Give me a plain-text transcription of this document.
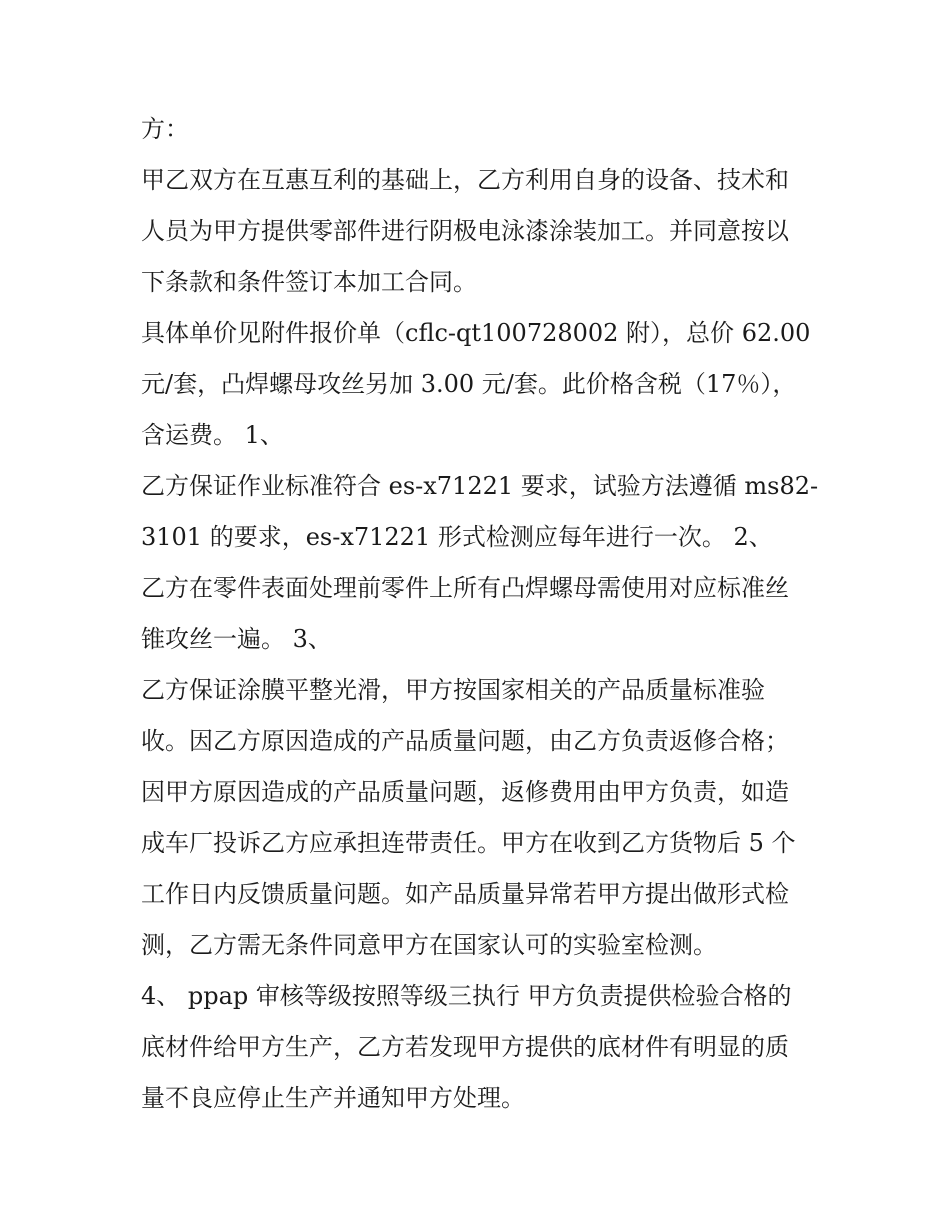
方：
甲乙双方在互惠互利的基础上，乙方利用自身的设备、技术和
人员为甲方提供零部件进行阴极电泳漆涂装加工。并同意按以
下条款和条件签订本加工合同。
具体单价见附件报价单（cflc-qt100728002 附），总价 62.00
元/套，凸焊螺母攻丝另加 3.00 元/套。此价格含税（17％），
含运费。 1、
乙方保证作业标准符合 es-x71221 要求，试验方法遵循 ms82-
3101 的要求，es-x71221 形式检测应每年进行一次。 2、
乙方在零件表面处理前零件上所有凸焊螺母需使用对应标准丝
锥攻丝一遍。 3、
乙方保证涂膜平整光滑，甲方按国家相关的产品质量标准验
收。因乙方原因造成的产品质量问题，由乙方负责返修合格；
因甲方原因造成的产品质量问题，返修费用由甲方负责，如造
成车厂投诉乙方应承担连带责任。甲方在收到乙方货物后 5 个
工作日内反馈质量问题。如产品质量异常若甲方提出做形式检
测，乙方需无条件同意甲方在国家认可的实验室检测。
4、 ppap 审核等级按照等级三执行 甲方负责提供检验合格的
底材件给甲方生产，乙方若发现甲方提供的底材件有明显的质
量不良应停止生产并通知甲方处理。
